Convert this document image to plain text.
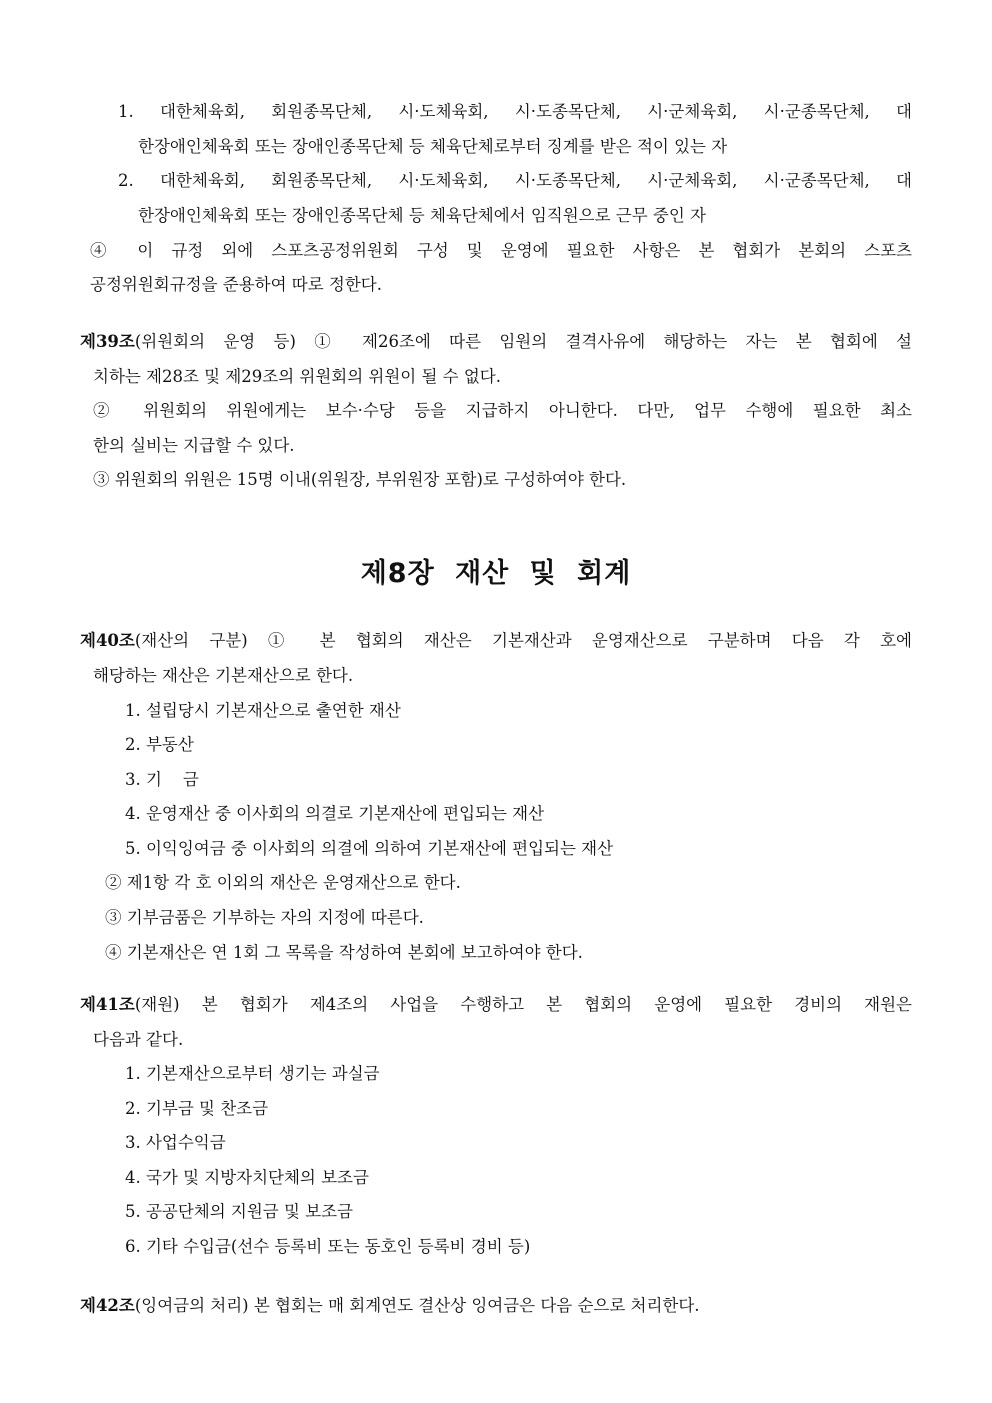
1. 대한체육회, 회원종목단체, 시·도체육회, 시·도종목단체, 시·군체육회, 시·군종목단체, 대
한장애인체육회 또는 장애인종목단체 등 체육단체로부터 징계를 받은 적이 있는 자
2. 대한체육회, 회원종목단체, 시·도체육회, 시·도종목단체, 시·군체육회, 시·군종목단체, 대
한장애인체육회 또는 장애인종목단체 등 체육단체에서 임직원으로 근무 중인 자
④ 이 규정 외에 스포츠공정위원회 구성 및 운영에 필요한 사항은 본 협회가 본회의 스포츠
공정위원회규정을 준용하여 따로 정한다.
제39조(위원회의 운영 등) ① 제26조에 따른 임원의 결격사유에 해당하는 자는 본 협회에 설
치하는 제28조 및 제29조의 위원회의 위원이 될 수 없다.
② 위원회의 위원에게는 보수·수당 등을 지급하지 아니한다. 다만, 업무 수행에 필요한 최소
한의 실비는 지급할 수 있다.
③ 위원회의 위원은 15명 이내(위원장, 부위원장 포함)로 구성하여야 한다.
제8장 재산 및 회계
제40조(재산의 구분) ① 본 협회의 재산은 기본재산과 운영재산으로 구분하며 다음 각 호에
해당하는 재산은 기본재산으로 한다.
1. 설립당시 기본재산으로 출연한 재산
2. 부동산
3. 기    금
4. 운영재산 중 이사회의 의결로 기본재산에 편입되는 재산
5. 이익잉여금 중 이사회의 의결에 의하여 기본재산에 편입되는 재산
② 제1항 각 호 이외의 재산은 운영재산으로 한다.
③ 기부금품은 기부하는 자의 지정에 따른다.
④ 기본재산은 연 1회 그 목록을 작성하여 본회에 보고하여야 한다.
제41조(재원) 본 협회가 제4조의 사업을 수행하고 본 협회의 운영에 필요한 경비의 재원은
다음과 같다.
1. 기본재산으로부터 생기는 과실금
2. 기부금 및 찬조금
3. 사업수익금
4. 국가 및 지방자치단체의 보조금
5. 공공단체의 지원금 및 보조금
6. 기타 수입금(선수 등록비 또는 동호인 등록비 경비 등)
제42조(잉여금의 처리) 본 협회는 매 회계연도 결산상 잉여금은 다음 순으로 처리한다.
